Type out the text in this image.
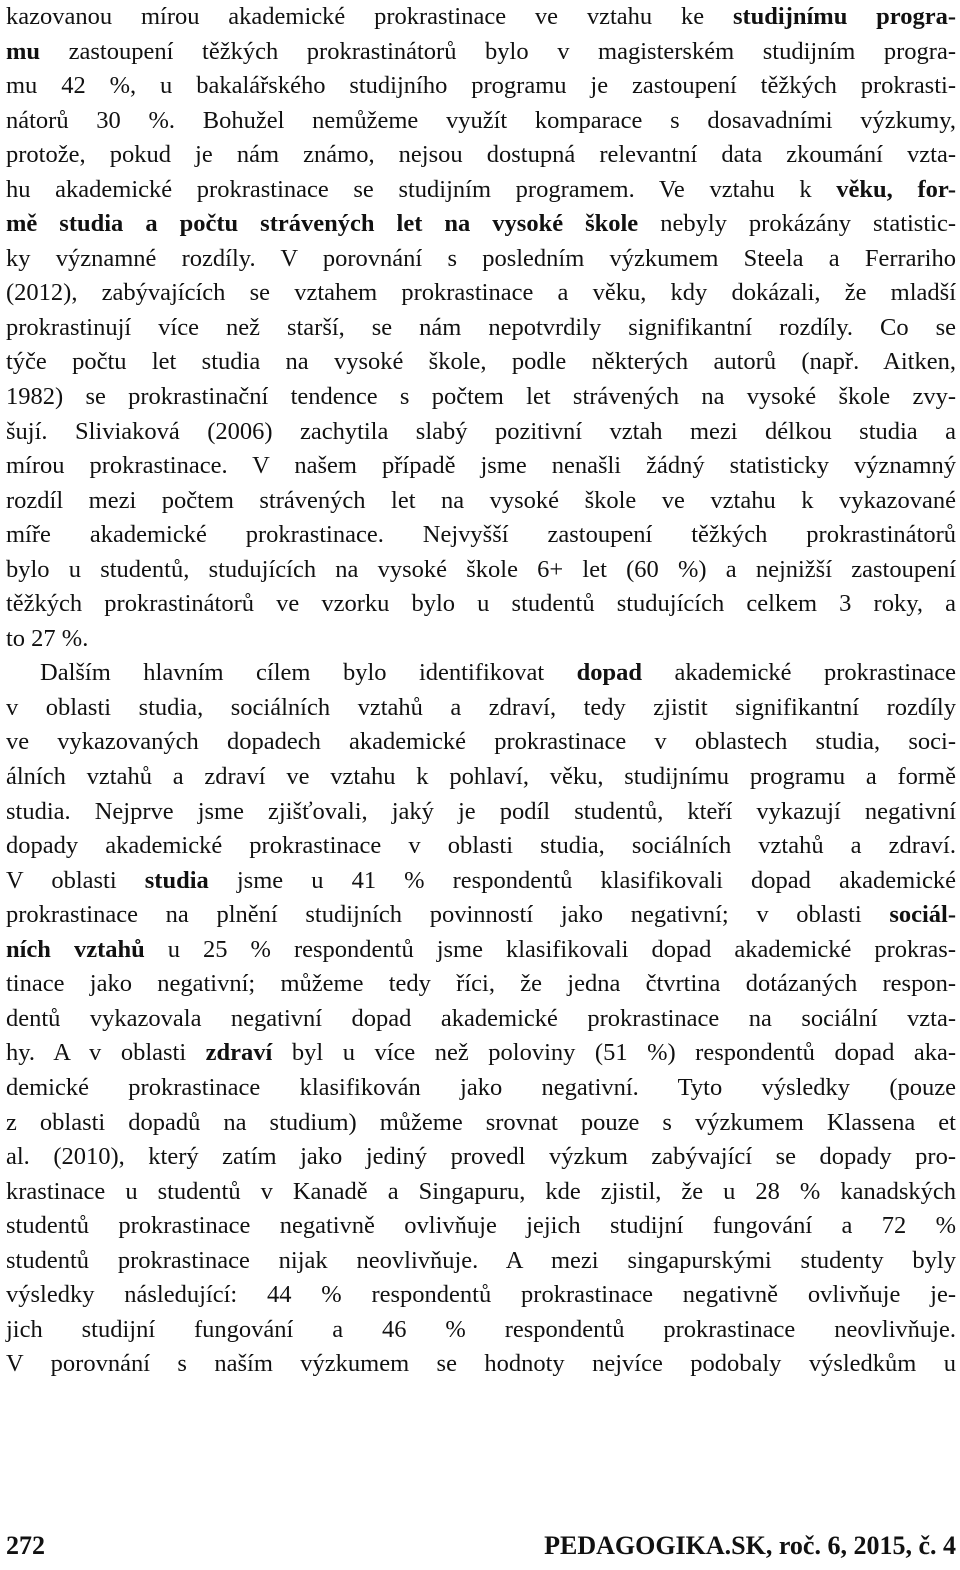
kazovanou mírou akademické prokrastinace ve vztahu ke studijnímu progra-
mu zastoupení těžkých prokrastinátorů bylo v magisterském studijním progra-
mu 42 %, u bakalářského studijního programu je zastoupení těžkých prokrasti-
nátorů 30 %. Bohužel nemůžeme využít komparace s dosavadními výzkumy,
protože, pokud je nám známo, nejsou dostupná relevantní data zkoumání vzta-
hu akademické prokrastinace se studijním programem. Ve vztahu k věku, for-
mě studia a počtu strávených let na vysoké škole nebyly prokázány statistic-
ky významné rozdíly. V porovnání s posledním výzkumem Steela a Ferrariho
(2012), zabývajících se vztahem prokrastinace a věku, kdy dokázali, že mladší
prokrastinují více než starší, se nám nepotvrdily signifikantní rozdíly. Co se
týče počtu let studia na vysoké škole, podle některých autorů (např. Aitken,
1982) se prokrastinační tendence s počtem let strávených na vysoké škole zvy-
šují. Sliviaková (2006) zachytila slabý pozitivní vztah mezi délkou studia a
mírou prokrastinace. V našem případě jsme nenašli žádný statisticky významný
rozdíl mezi počtem strávených let na vysoké škole ve vztahu k vykazované
míře akademické prokrastinace. Nejvyšší zastoupení těžkých prokrastinátorů
bylo u studentů, studujících na vysoké škole 6+ let (60 %) a nejnižší zastoupení
těžkých prokrastinátorů ve vzorku bylo u studentů studujících celkem 3 roky, a
to 27 %.
Dalším hlavním cílem bylo identifikovat dopad akademické prokrastinace
v oblasti studia, sociálních vztahů a zdraví, tedy zjistit signifikantní rozdíly
ve vykazovaných dopadech akademické prokrastinace v oblastech studia, soci-
álních vztahů a zdraví ve vztahu k pohlaví, věku, studijnímu programu a formě
studia. Nejprve jsme zjišťovali, jaký je podíl studentů, kteří vykazují negativní
dopady akademické prokrastinace v oblasti studia, sociálních vztahů a zdraví.
V oblasti studia jsme u 41 % respondentů klasifikovali dopad akademické
prokrastinace na plnění studijních povinností jako negativní; v oblasti sociál-
ních vztahů u 25 % respondentů jsme klasifikovali dopad akademické prokras-
tinace jako negativní; můžeme tedy říci, že jedna čtvrtina dotázaných respon-
dentů vykazovala negativní dopad akademické prokrastinace na sociální vzta-
hy. A v oblasti zdraví byl u více než poloviny (51 %) respondentů dopad aka-
demické prokrastinace klasifikován jako negativní. Tyto výsledky (pouze
z oblasti dopadů na studium) můžeme srovnat pouze s výzkumem Klassena et
al. (2010), který zatím jako jediný provedl výzkum zabývající se dopady pro-
krastinace u studentů v Kanadě a Singapuru, kde zjistil, že u 28 % kanadských
studentů prokrastinace negativně ovlivňuje jejich studijní fungování a 72 %
studentů prokrastinace nijak neovlivňuje. A mezi singapurskými studenty byly
výsledky následující: 44 % respondentů prokrastinace negativně ovlivňuje je-
jich studijní fungování a 46 % respondentů prokrastinace neovlivňuje.
V porovnání s naším výzkumem se hodnoty nejvíce podobaly výsledkům u
272	PEDAGOGIKA.SK, roč. 6, 2015, č. 4
